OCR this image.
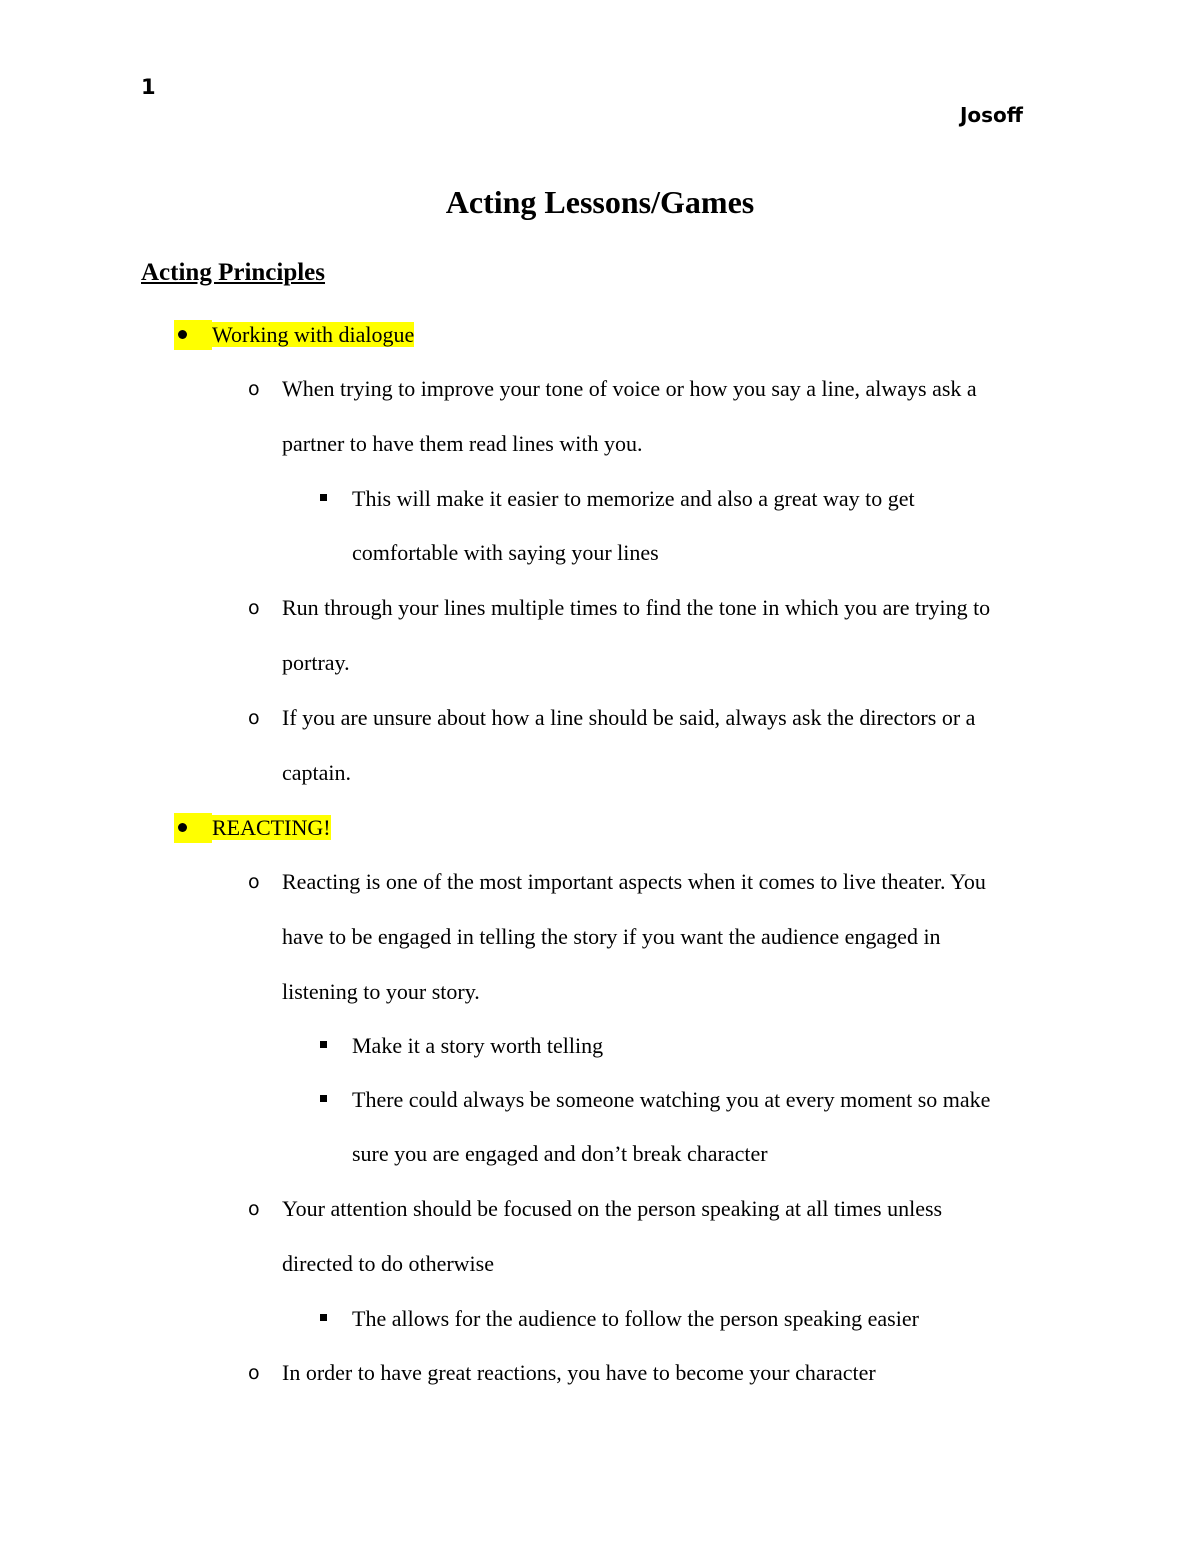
1
Josoff
Acting Lessons/Games
Acting Principles
Working with dialogue
o When trying to improve your tone of voice or how you say a line, always ask a
partner to have them read lines with you.
This will make it easier to memorize and also a great way to get
comfortable with saying your lines
o Run through your lines multiple times to find the tone in which you are trying to
portray.
o If you are unsure about how a line should be said, always ask the directors or a
captain.
REACTING!
o Reacting is one of the most important aspects when it comes to live theater. You
have to be engaged in telling the story if you want the audience engaged in
listening to your story.
Make it a story worth telling
There could always be someone watching you at every moment so make
sure you are engaged and don’t break character
o Your attention should be focused on the person speaking at all times unless
directed to do otherwise
The allows for the audience to follow the person speaking easier
o In order to have great reactions, you have to become your character
